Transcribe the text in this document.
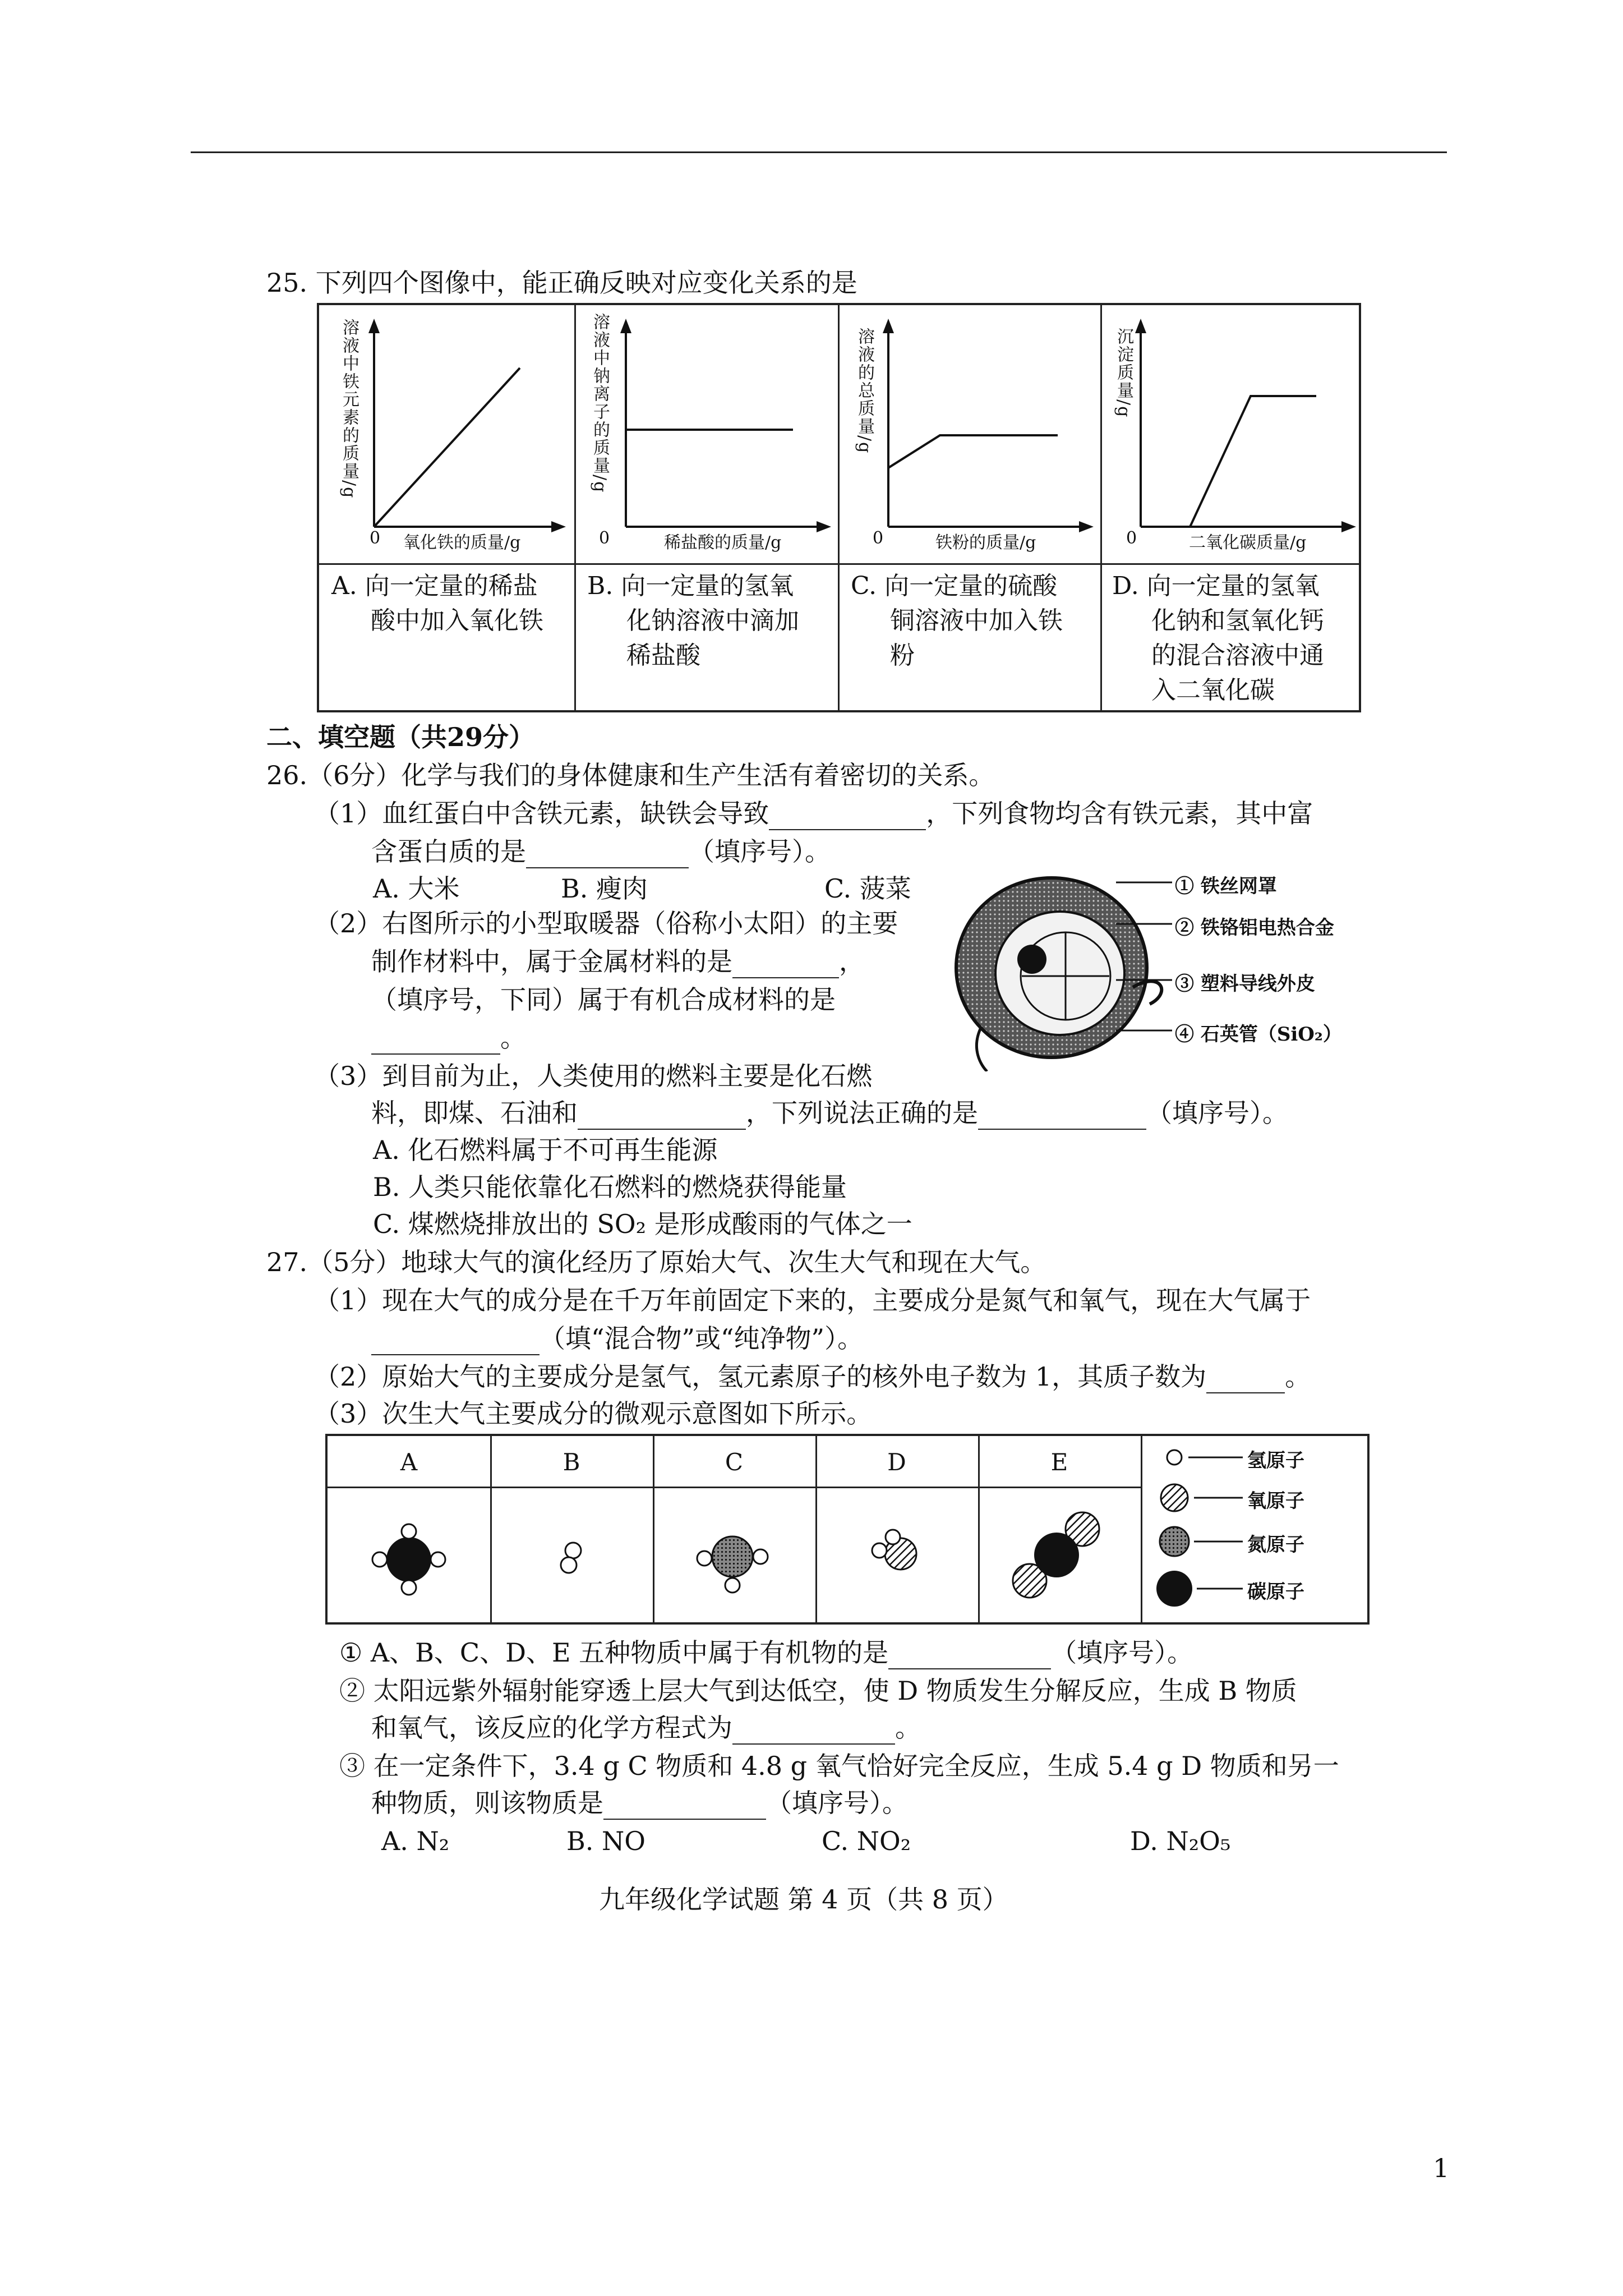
25. 下列四个图像中，能正确反映对应变化关系的是
溶液中铁元素的质量/g
0 氧化铁的质量/g
溶液中钠离子的质量/g
0	稀盐酸的质量/g
溶液的总质量/g
0	铁粉的质量/g
沉淀质量/g
0	二氧化碳质量/g
A. 向一定量的稀盐
酸中加入氧化铁
B. 向一定量的氢氧
化钠溶液中滴加
稀盐酸
C. 向一定量的硫酸
铜溶液中加入铁
粉
D. 向一定量的氢氧
化钠和氢氧化钙
的混合溶液中通
入二氧化碳
二、填空题（共29分）
26.（6分）化学与我们的身体健康和生产生活有着密切的关系。
（1）血红蛋白中含铁元素，缺铁会导致	，下列食物均含有铁元素，其中富
含蛋白质的是	（填序号）。
A. 大米	B. 瘦肉	C. 菠菜
（2）右图所示的小型取暖器（俗称小太阳）的主要
制作材料中，属于金属材料的是	，
（填序号，下同）属于有机合成材料的是
。
① 铁丝网罩
② 铁铬铝电热合金
③ 塑料导线外皮
④ 石英管（SiO₂）
（3）到目前为止，人类使用的燃料主要是化石燃
料，即煤、石油和	，下列说法正确的是	（填序号）。
A. 化石燃料属于不可再生能源
B. 人类只能依靠化石燃料的燃烧获得能量
C. 煤燃烧排放出的 SO₂ 是形成酸雨的气体之一
27.（5分）地球大气的演化经历了原始大气、次生大气和现在大气。
（1）现在大气的成分是在千万年前固定下来的，主要成分是氮气和氧气，现在大气属于
（填“混合物”或“纯净物”）。
（2）原始大气的主要成分是氢气，氢元素原子的核外电子数为 1，其质子数为	。
（3）次生大气主要成分的微观示意图如下所示。
A	B	C	D	E	氢原子
氧原子
氮原子
碳原子
① A、B、C、D、E 五种物质中属于有机物的是	（填序号）。
② 太阳远紫外辐射能穿透上层大气到达低空，使 D 物质发生分解反应，生成 B 物质
和氧气，该反应的化学方程式为	。
③ 在一定条件下，3.4 g C 物质和 4.8 g 氧气恰好完全反应，生成 5.4 g D 物质和另一
种物质，则该物质是	（填序号）。
A. N₂	B. NO	C. NO₂	D. N₂O₅
九年级化学试题 第 4 页（共 8 页）
1
